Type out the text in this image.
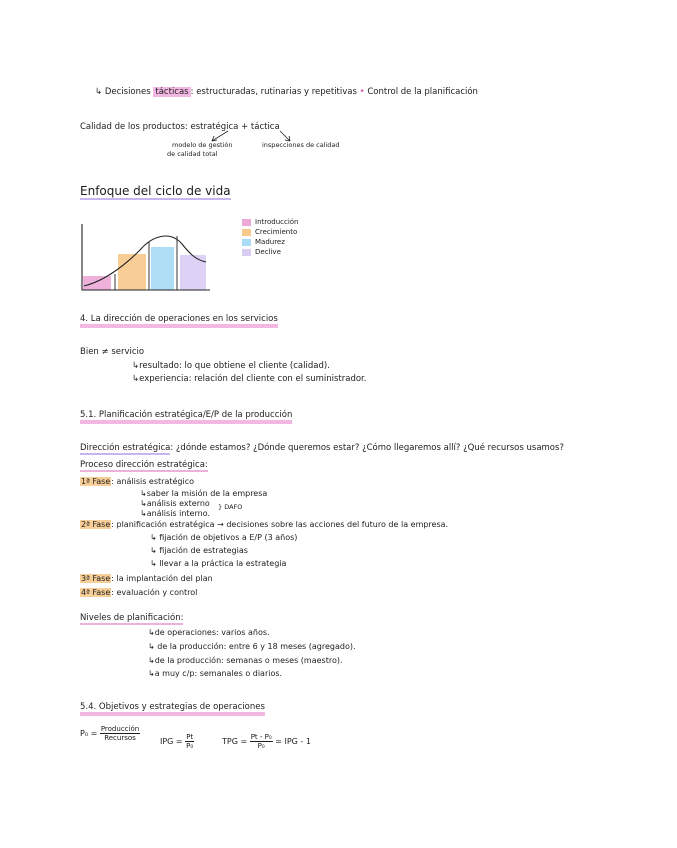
↳ Decisiones tácticas : estructuradas, rutinarias y repetitivas • Control de la planificación
Calidad de los productos: estratégica + táctica
modelo de gestión
de calidad total
inspecciones de calidad
Enfoque del ciclo de vida
Introducción
Crecimiento
Madurez
Declive
4. La dirección de operaciones en los servicios
Bien ≠ servicio
↳resultado: lo que obtiene el cliente (calidad).
↳experiencia: relación del cliente con el suministrador.
5.1. Planificación estratégica/E/P de la producción
Dirección estratégica: ¿dónde estamos? ¿Dónde queremos estar? ¿Cómo llegaremos allí? ¿Qué recursos usamos?
Proceso dirección estratégica:
1ª Fase: análisis estratégico
↳saber la misión de la empresa
↳análisis externo
↳análisis interno.
} DAFO
2ª Fase: planificación estratégica → decisiones sobre las acciones del futuro de la empresa.
↳ fijación de objetivos a E/P (3 años)
↳ fijación de estrategias
↳ llevar a la práctica la estrategia
3ª Fase: la implantación del plan
4ª Fase: evaluación y control
Niveles de planificación:
↳de operaciones: varios años.
↳ de la producción: entre 6 y 18 meses (agregado).
↳de la producción: semanas o meses (maestro).
↳a muy c/p: semanales o diarios.
5.4. Objetivos y estrategias de operaciones
P₀ =
$\frac{\text{Producción}}{\text{Recursos}}$ IPG =
$\frac{Pt}{\text{P₀}}$	TPG =
$\frac{\text{Pt - P₀}}{\text{P₀}}$
= IPG - 1
